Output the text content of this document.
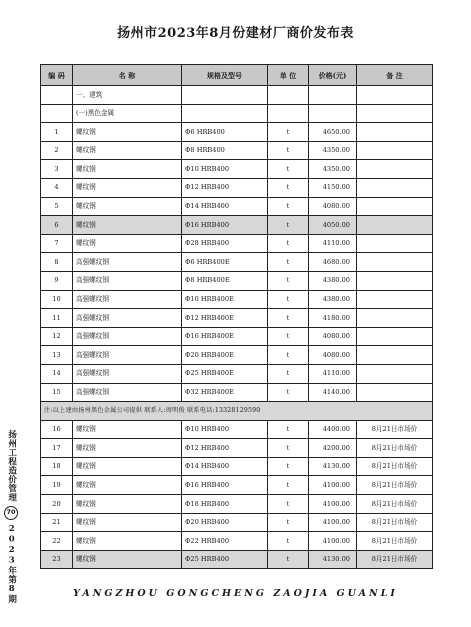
扬州市2023年8月份建材厂商价发布表
编 码	名 称	规格及型号	单 位	价格(元)	备 注
	一、建筑				
	(一)黑色金属				
1	螺纹钢	Φ6 HRB400	t	4650.00	
2	螺纹钢	Φ8 HRB400	t	4350.00	
3	螺纹钢	Φ10 HRB400	t	4350.00	
4	螺纹钢	Φ12 HRB400	t	4150.00	
5	螺纹钢	Φ14 HRB400	t	4080.00	
6	螺纹钢	Φ16 HRB400	t	4050.00	
7	螺纹钢	Φ28 HRB400	t	4110.00	
8	高强螺纹钢	Φ6 HRB400E	t	4680.00	
9	高强螺纹钢	Φ8 HRB400E	t	4380.00	
10	高强螺纹钢	Φ10 HRB400E	t	4380.00	
11	高强螺纹钢	Φ12 HRB400E	t	4180.00	
12	高强螺纹钢	Φ16 HRB400E	t	4080.00	
13	高强螺纹钢	Φ20 HRB400E	t	4080.00	
14	高强螺纹钢	Φ25 HRB400E	t	4110.00	
15	高强螺纹钢	Φ32 HRB400E	t	4140.00	
注:以上建由扬州黑色金属公司提供 联系人:周明俊 联系电话:13328129590					
16	螺纹钢	Φ10 HRB400	t	4400.00	8月21日市场价
17	螺纹钢	Φ12 HRB400	t	4200.00	8月21日市场价
18	螺纹钢	Φ14 HRB400	t	4130.00	8月21日市场价
19	螺纹钢	Φ16 HRB400	t	4100.00	8月21日市场价
20	螺纹钢	Φ18 HRB400	t	4100.00	8月21日市场价
21	螺纹钢	Φ20 HRB400	t	4100.00	8月21日市场价
22	螺纹钢	Φ22 HRB400	t	4100.00	8月21日市场价
23	螺纹钢	Φ25 HRB400	t	4130.00	8月21日市场价
扬州工程造价管理
70
2023年第8期	YANGZHOU GONGCHENG ZAOJIA GUANLI
